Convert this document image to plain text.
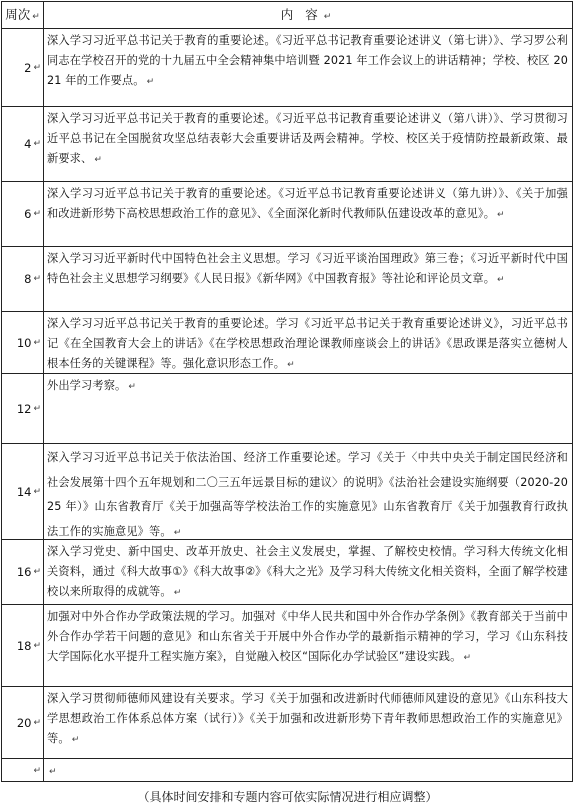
周次 ↵	内 容 ↵
2 ↵
深入学习习近平总书记关于教育的重要论述。《习近平总书记教育重要论述讲义（第七讲）》、学习罗公利同志在学校召开的党的十九届五中全会精神集中培训暨 2021 年工作会议上的讲话精神；学校、校区 2021 年的工作要点。 ↵
4 ↵
深入学习习近平总书记关于教育的重要论述。《习近平总书记教育重要论述讲义（第八讲）》、学习贯彻习近平总书记在全国脱贫攻坚总结表彰大会重要讲话及两会精神。学校、校区关于疫情防控最新政策、最新要求、 ↵
6 ↵
深入学习习近平总书记关于教育的重要论述。《习近平总书记教育重要论述讲义（第九讲）》、《关于加强和改进新形势下高校思想政治工作的意见》、《全面深化新时代教师队伍建设改革的意见》。 ↵
8 ↵
深入学习习近平新时代中国特色社会主义思想。学习《习近平谈治国理政》第三卷；《习近平新时代中国特色社会主义思想学习纲要》《人民日报》《新华网》《中国教育报》等社论和评论员文章。 ↵
10 ↵
深入学习习近平总书记关于教育的重要论述。学习《习近平总书记关于教育重要论述讲义》，习近平总书记《在全国教育大会上的讲话》《在学校思想政治理论课教师座谈会上的讲话》《思政课是落实立德树人根本任务的关键课程》等。强化意识形态工作。 ↵
12 ↵
外出学习考察。 ↵
14 ↵
深入学习习近平总书记关于依法治国、经济工作重要论述。学习《关于〈中共中央关于制定国民经济和社会发展第十四个五年规划和二〇三五年远景目标的建议〉的说明》《法治社会建设实施纲要（2020-2025 年）》山东省教育厅《关于加强高等学校法治工作的实施意见》山东省教育厅《关于加强教育行政执法工作的实施意见》等。 ↵
16 ↵
深入学习党史、新中国史、改革开放史、社会主义发展史，掌握、了解校史校情。学习科大传统文化相关资料，通过《科大故事①》《科大故事②》《科大之光》及学习科大传统文化相关资料，全面了解学校建校以来所取得的成就等。 ↵
18 ↵
加强对中外合作办学政策法规的学习。加强对《中华人民共和国中外合作办学条例》《教育部关于当前中外合作办学若干问题的意见》和山东省关于开展中外合作办学的最新指示精神的学习，学习《山东科技大学国际化水平提升工程实施方案》，自觉融入校区“国际化办学试验区”建设实践。 ↵
20 ↵
深入学习贯彻师德师风建设有关要求。学习《关于加强和改进新时代师德师风建设的意见》《山东科技大学思想政治工作体系总体方案（试行）》《关于加强和改进新形势下青年教师思想政治工作的实施意见》等。 ↵
↵ ↵
（具体时间安排和专题内容可依实际情况进行相应调整）
